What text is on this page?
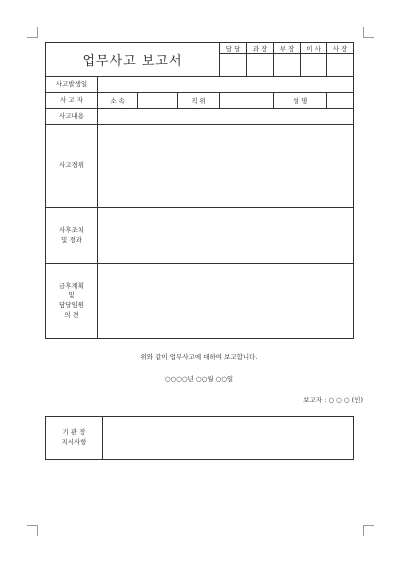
업무사고 보고서				담 당	과 장	부 장	이 사	사 장

사고발생일								
사 고 자	소 속		직 위			성 명		
사고내용								
사고경위								

사후조치
및 경과								

금후계획
및
담당임원
의 견								

위와 같이 업무사고에 대하여 보고합니다.
○○○○년 ○○월 ○○일
보고자 : ○ ○ ○ (인)
기 관 장
지시사항
